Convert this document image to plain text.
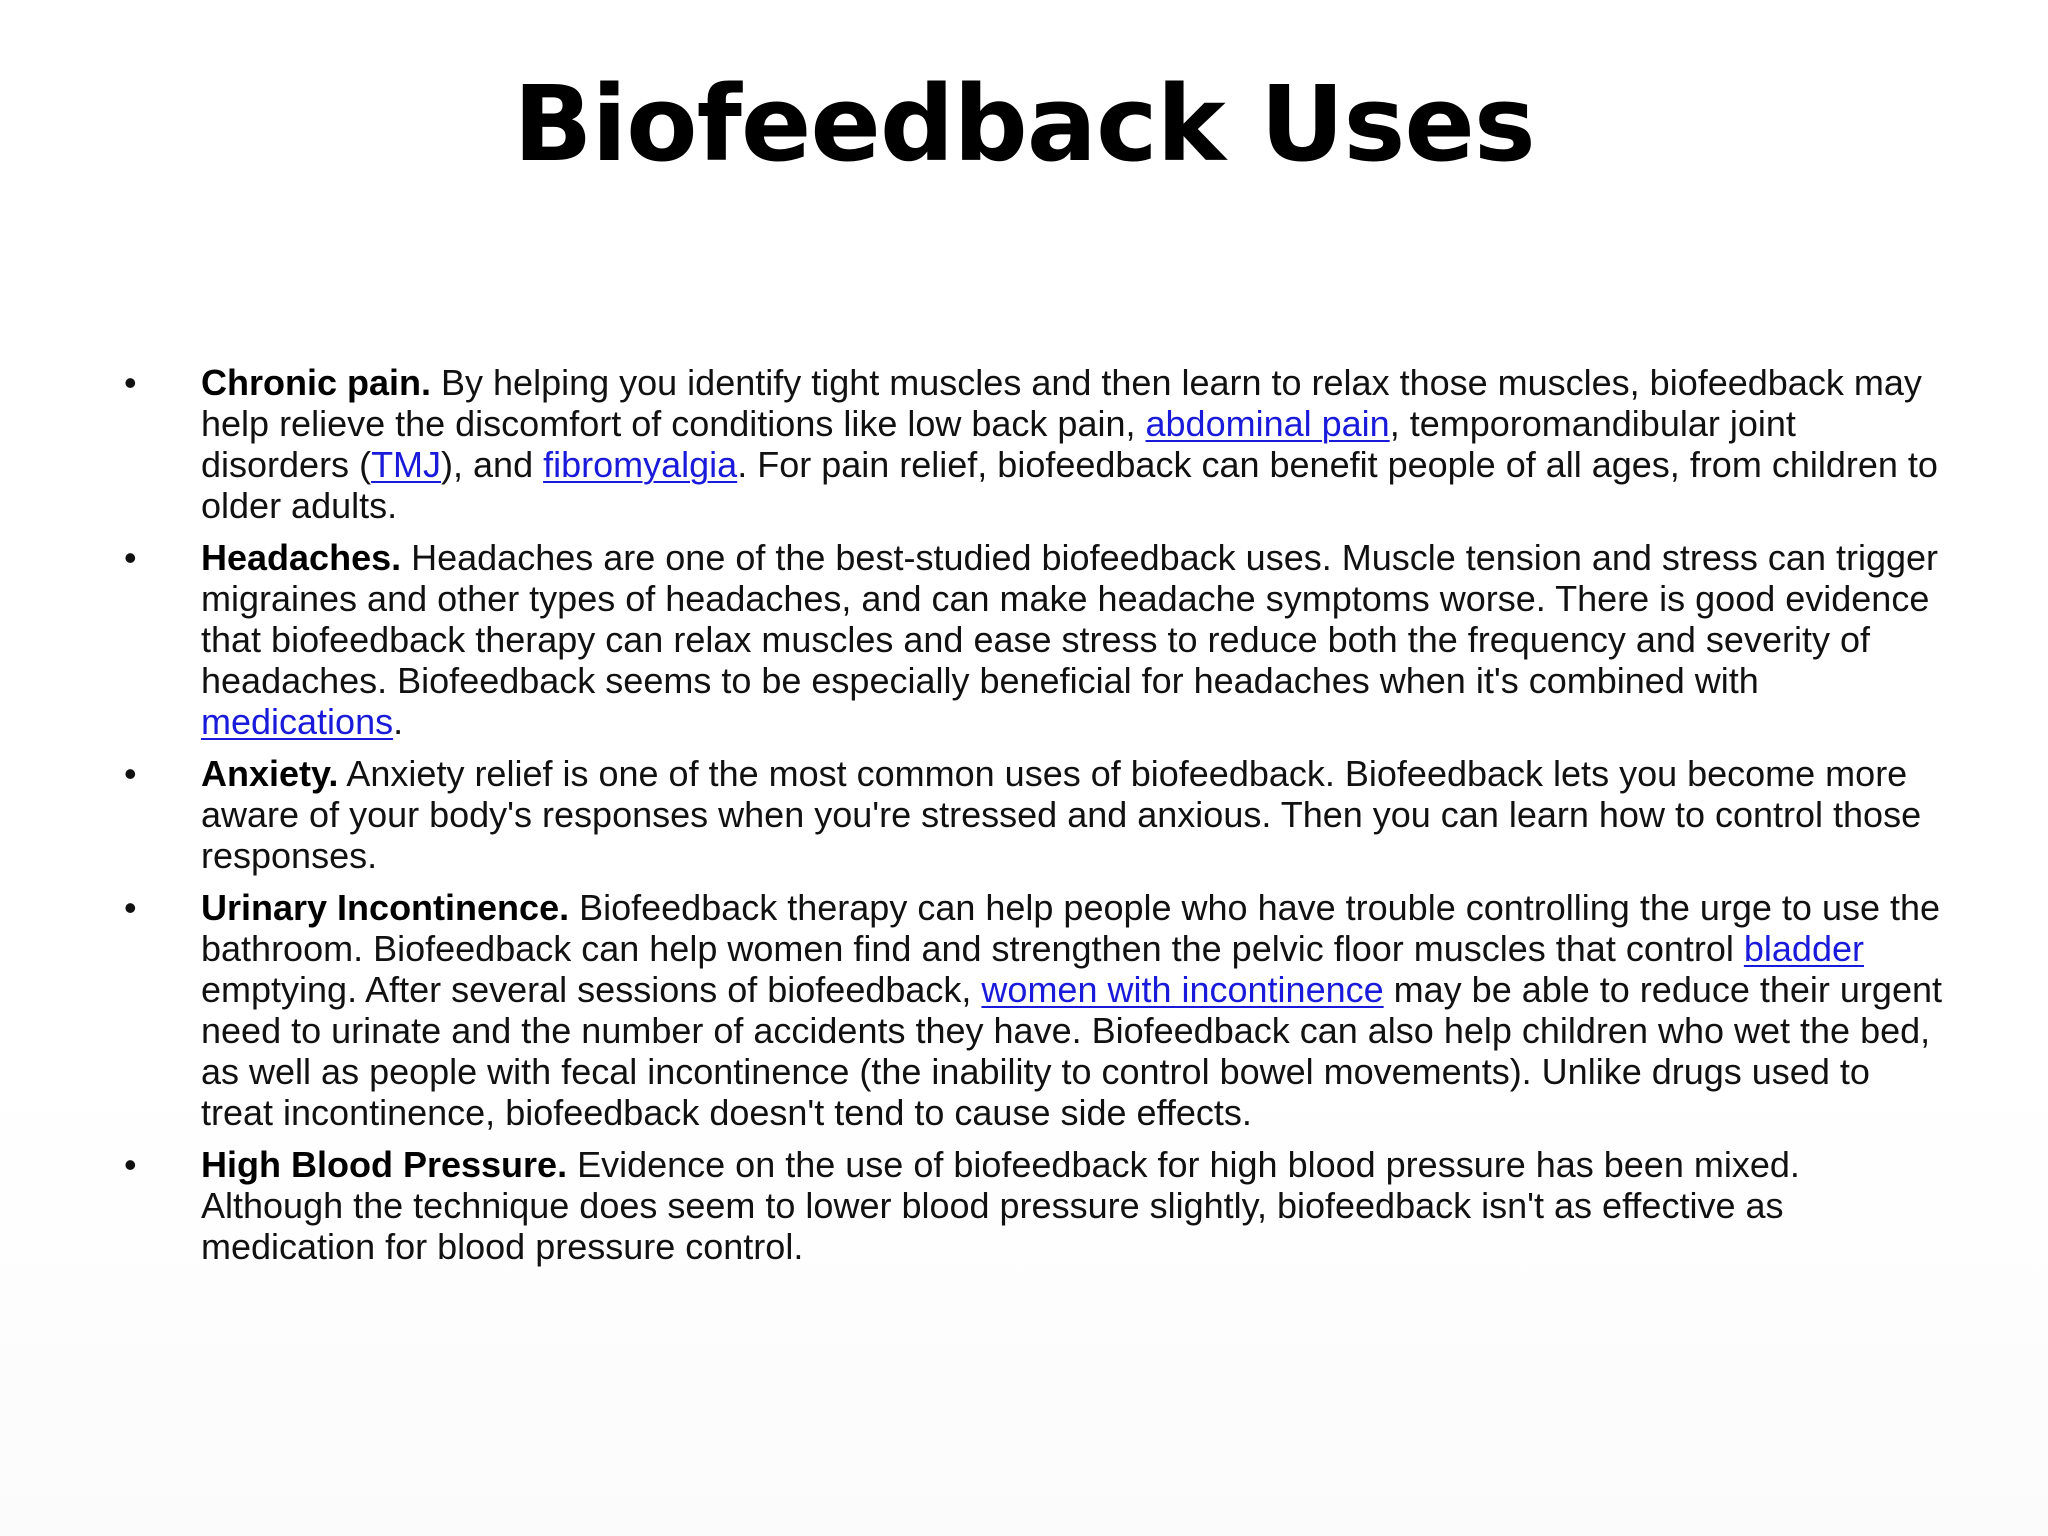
Biofeedback Uses
• Chronic pain. By helping you identify tight muscles and then learn to relax those muscles, biofeedback may help relieve the discomfort of conditions like low back pain, abdominal pain, temporomandibular joint disorders (TMJ), and fibromyalgia. For pain relief, biofeedback can benefit people of all ages, from children to older adults.
• Headaches. Headaches are one of the best-studied biofeedback uses. Muscle tension and stress can trigger migraines and other types of headaches, and can make headache symptoms worse. There is good evidence that biofeedback therapy can relax muscles and ease stress to reduce both the frequency and severity of headaches. Biofeedback seems to be especially beneficial for headaches when it's combined with medications.
• Anxiety. Anxiety relief is one of the most common uses of biofeedback. Biofeedback lets you become more aware of your body's responses when you're stressed and anxious. Then you can learn how to control those responses.
• Urinary Incontinence. Biofeedback therapy can help people who have trouble controlling the urge to use the bathroom. Biofeedback can help women find and strengthen the pelvic floor muscles that control bladder emptying. After several sessions of biofeedback, women with incontinence may be able to reduce their urgent need to urinate and the number of accidents they have. Biofeedback can also help children who wet the bed, as well as people with fecal incontinence (the inability to control bowel movements). Unlike drugs used to treat incontinence, biofeedback doesn't tend to cause side effects.
• High Blood Pressure. Evidence on the use of biofeedback for high blood pressure has been mixed. Although the technique does seem to lower blood pressure slightly, biofeedback isn't as effective as medication for blood pressure control.
